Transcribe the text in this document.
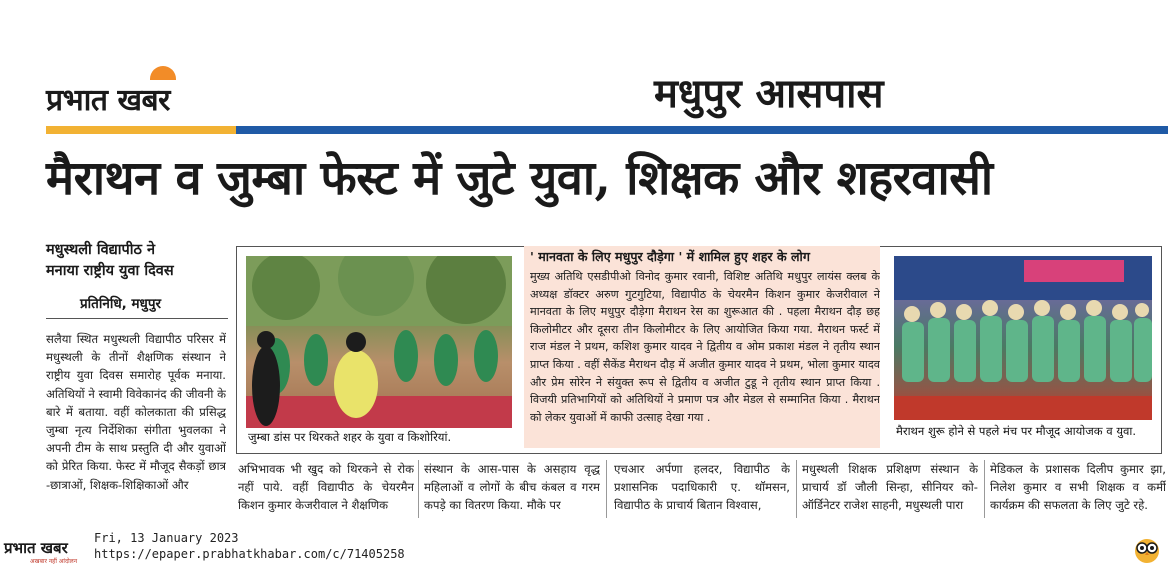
प्रभात खबर	मधुपुर आसपास
मैराथन व जुम्बा फेस्ट में जुटे युवा, शिक्षक और शहरवासी
मधुस्थली विद्यापीठ ने
मनाया राष्ट्रीय युवा दिवस
प्रतिनिधि, मधुपुर
सलैया स्थित मधुस्थली विद्यापीठ परिसर में मधुस्थली के तीनों शैक्षणिक संस्थान ने राष्ट्रीय युवा दिवस समारोह पूर्वक मनाया. अतिथियों ने स्वामी विवेकानंद की जीवनी के बारे में बताया. वहीं कोलकाता की प्रसिद्ध जुम्बा नृत्य निर्देशिका संगीता भुवलका ने अपनी टीम के साथ प्रस्तुति दी और युवाओं को प्रेरित किया. फेस्ट में मौजूद सैकड़ों छात्र -छात्राओं, शिक्षक-शिक्षिकाओं और
जुम्बा डांस पर थिरकते शहर के युवा व किशोरियां.
' मानवता के लिए मधुपुर दौड़ेगा ' में शामिल हुए शहर के लोग
मुख्य अतिथि एसडीपीओ विनोद कुमार रवानी, विशिष्ट अतिथि मधुपुर लायंस क्लब के अध्यक्ष डॉक्टर अरुण गुटगुटिया, विद्यापीठ के चेयरमैन किशन कुमार केजरीवाल ने मानवता के लिए मधुपुर दौड़ेगा मैराथन रेस का शुरूआत की . पहला मैराथन दौड़ छह किलोमीटर और दूसरा तीन किलोमीटर के लिए आयोजित किया गया. मैराथन फर्स्ट में राज मंडल ने प्रथम, कशिश कुमार यादव ने द्वितीय व ओम प्रकाश मंडल ने तृतीय स्थान प्राप्त किया . वहीं सैकेंड मैराथन दौड़ में अजीत कुमार यादव ने प्रथम, भोला कुमार यादव और प्रेम सोरेन ने संयुक्त रूप से द्वितीय व अजीत टुडू ने तृतीय स्थान प्राप्त किया . विजयी प्रतिभागियों को अतिथियों ने प्रमाण पत्र और मेडल से सम्मानित किया . मैराथन को लेकर युवाओं में काफी उत्साह देखा गया .
मैराथन शुरू होने से पहले मंच पर मौजूद आयोजक व युवा.
अभिभावक भी खुद को थिरकने से रोक नहीं पाये. वहीं विद्यापीठ के चेयरमैन किशन कुमार केजरीवाल ने शैक्षणिक
संस्थान के आस-पास के असहाय वृद्ध महिलाओं व लोगों के बीच कंबल व गरम कपड़े का वितरण किया. मौके पर
एचआर अर्पणा हलदर, विद्यापीठ के प्रशासनिक पदाधिकारी ए. थॉमसन, विद्यापीठ के प्राचार्य बितान विश्वास,
मधुस्थली शिक्षक प्रशिक्षण संस्थान के प्राचार्य डॉ जौली सिन्हा, सीनियर को-ऑर्डिनेटर राजेश साहनी, मधुस्थली पारा
मेडिकल के प्रशासक दिलीप कुमार झा, निलेश कुमार व सभी शिक्षक व कर्मी कार्यक्रम की सफलता के लिए जुटे रहे.
प्रभात खबर
अखबार नहीं आंदोलन
Fri, 13 January 2023
https://epaper.prabhatkhabar.com/c/71405258
